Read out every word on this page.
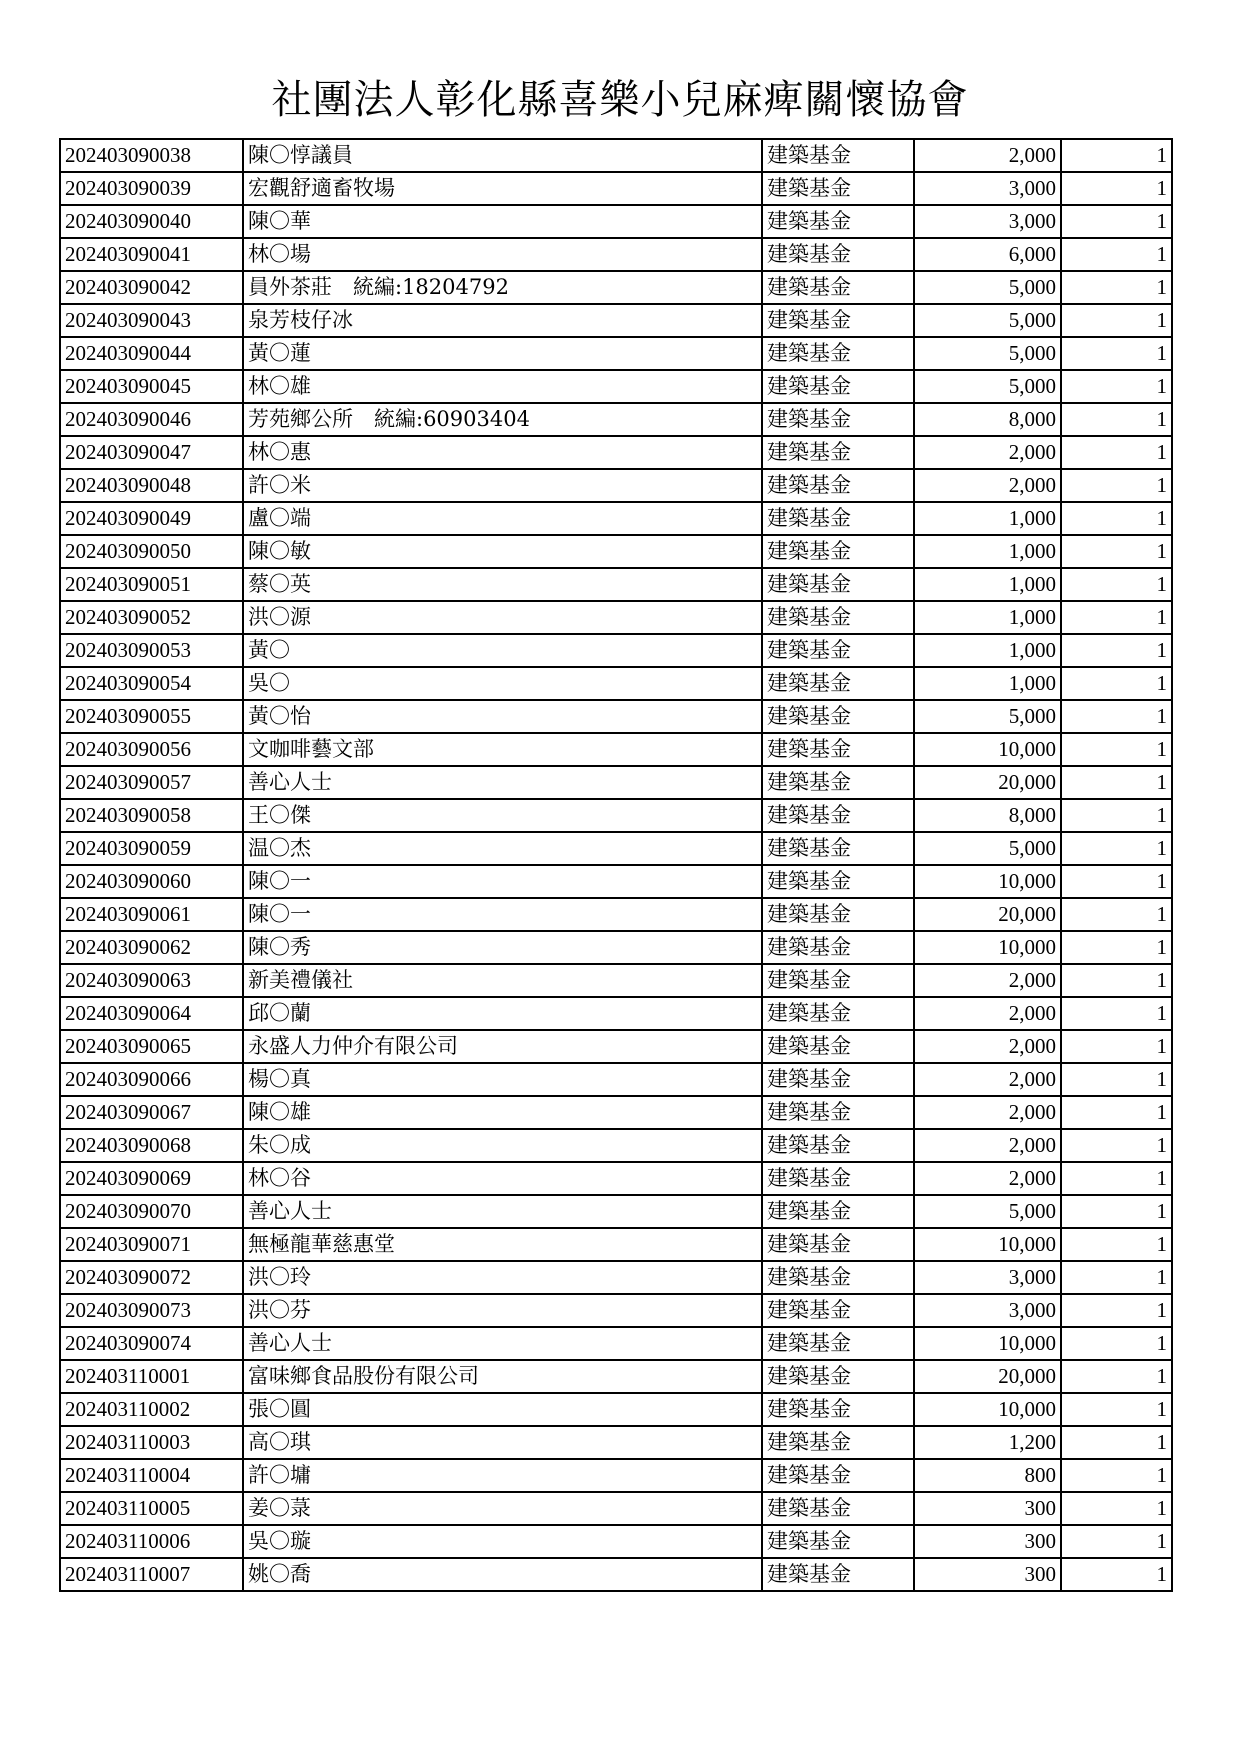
社團法人彰化縣喜樂小兒麻痺關懷協會
202403090038	陳〇惇議員	建築基金	2,000	1
202403090039	宏觀舒適畜牧場	建築基金	3,000	1
202403090040	陳〇華	建築基金	3,000	1
202403090041	林〇場	建築基金	6,000	1
202403090042	員外茶莊　統編:18204792	建築基金	5,000	1
202403090043	泉芳枝仔冰	建築基金	5,000	1
202403090044	黃〇蓮	建築基金	5,000	1
202403090045	林〇雄	建築基金	5,000	1
202403090046	芳苑鄉公所　統編:60903404	建築基金	8,000	1
202403090047	林〇惠	建築基金	2,000	1
202403090048	許〇米	建築基金	2,000	1
202403090049	盧〇端	建築基金	1,000	1
202403090050	陳〇敏	建築基金	1,000	1
202403090051	蔡〇英	建築基金	1,000	1
202403090052	洪〇源	建築基金	1,000	1
202403090053	黃〇	建築基金	1,000	1
202403090054	吳〇	建築基金	1,000	1
202403090055	黃〇怡	建築基金	5,000	1
202403090056	文咖啡藝文部	建築基金	10,000	1
202403090057	善心人士	建築基金	20,000	1
202403090058	王〇傑	建築基金	8,000	1
202403090059	温〇杰	建築基金	5,000	1
202403090060	陳〇一	建築基金	10,000	1
202403090061	陳〇一	建築基金	20,000	1
202403090062	陳〇秀	建築基金	10,000	1
202403090063	新美禮儀社	建築基金	2,000	1
202403090064	邱〇蘭	建築基金	2,000	1
202403090065	永盛人力仲介有限公司	建築基金	2,000	1
202403090066	楊〇真	建築基金	2,000	1
202403090067	陳〇雄	建築基金	2,000	1
202403090068	朱〇成	建築基金	2,000	1
202403090069	林〇谷	建築基金	2,000	1
202403090070	善心人士	建築基金	5,000	1
202403090071	無極龍華慈惠堂	建築基金	10,000	1
202403090072	洪〇玲	建築基金	3,000	1
202403090073	洪〇芬	建築基金	3,000	1
202403090074	善心人士	建築基金	10,000	1
202403110001	富味鄉食品股份有限公司	建築基金	20,000	1
202403110002	張〇圓	建築基金	10,000	1
202403110003	高〇琪	建築基金	1,200	1
202403110004	許〇墉	建築基金	800	1
202403110005	姜〇菉	建築基金	300	1
202403110006	吳〇璇	建築基金	300	1
202403110007	姚〇喬	建築基金	300	1
